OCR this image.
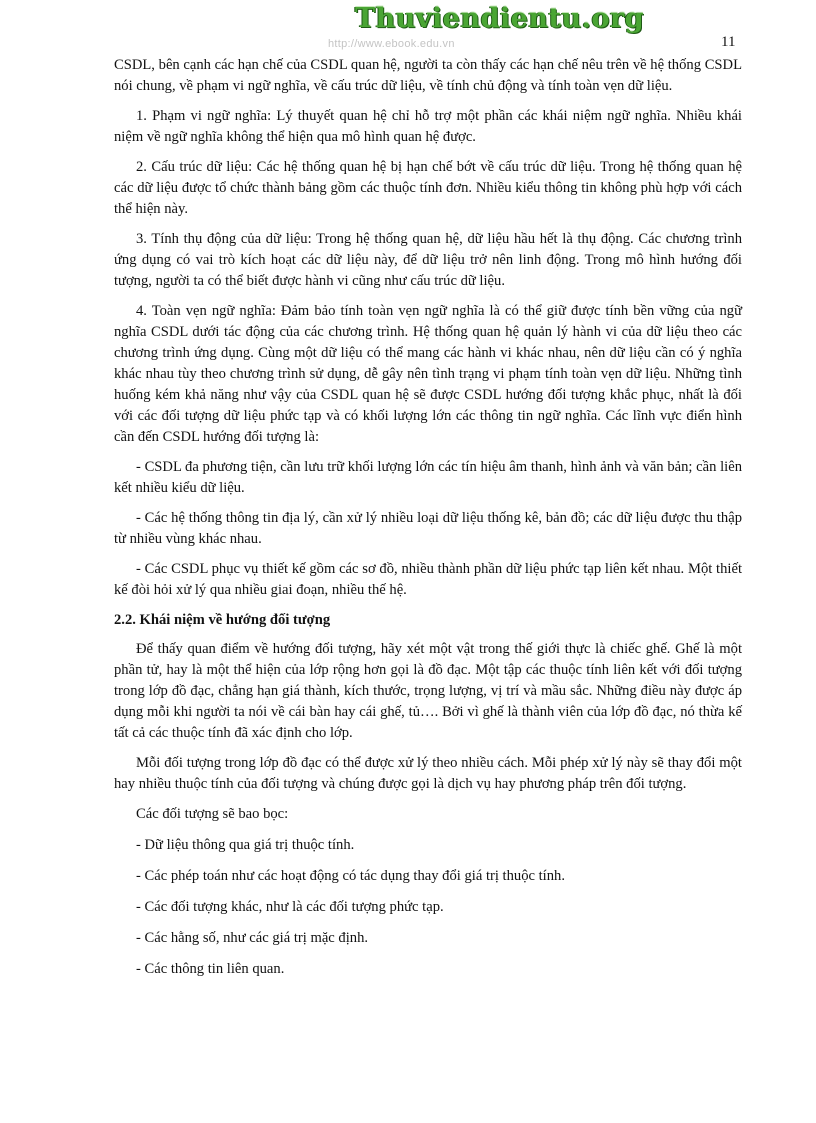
Thuviendientu.org
http://www.ebook.edu.vn	11

CSDL, bên cạnh các hạn chế của CSDL quan hệ, người ta còn thấy các hạn chế nêu trên về hệ thống CSDL nói chung, về phạm vi ngữ nghĩa, về cấu trúc dữ liệu, về tính chủ động và tính toàn vẹn dữ liệu.

1. Phạm vi ngữ nghĩa: Lý thuyết quan hệ chỉ hỗ trợ một phần các khái niệm ngữ nghĩa. Nhiều khái niệm về ngữ nghĩa không thể hiện qua mô hình quan hệ được.

2. Cấu trúc dữ liệu: Các hệ thống quan hệ bị hạn chế bớt về cấu trúc dữ liệu. Trong hệ thống quan hệ các dữ liệu được tổ chức thành bảng gồm các thuộc tính đơn. Nhiều kiểu thông tin không phù hợp với cách thể hiện này.

3. Tính thụ động của dữ liệu: Trong hệ thống quan hệ, dữ liệu hầu hết là thụ động. Các chương trình ứng dụng có vai trò kích hoạt các dữ liệu này, để dữ liệu trở nên linh động. Trong mô hình hướng đối tượng, người ta có thể biết được hành vi cũng như cấu trúc dữ liệu.

4. Toàn vẹn ngữ nghĩa: Đảm bảo tính toàn vẹn ngữ nghĩa là có thể giữ được tính bền vững của ngữ nghĩa CSDL dưới tác động của các chương trình. Hệ thống quan hệ quản lý hành vi của dữ liệu theo các chương trình ứng dụng. Cùng một dữ liệu có thể mang các hành vi khác nhau, nên dữ liệu cần có ý nghĩa khác nhau tùy theo chương trình sử dụng, dễ gây nên tình trạng vi phạm tính toàn vẹn dữ liệu. Những tình huống kém khả năng như vậy của CSDL quan hệ sẽ được CSDL hướng đối tượng khắc phục, nhất là đối với các đối tượng dữ liệu phức tạp và có khối lượng lớn các thông tin ngữ nghĩa. Các lĩnh vực điển hình cần đến CSDL hướng đối tượng là:

- CSDL đa phương tiện, cần lưu trữ khối lượng lớn các tín hiệu âm thanh, hình ảnh và văn bản; cần liên kết nhiều kiểu dữ liệu.

- Các hệ thống thông tin địa lý, cần xử lý nhiều loại dữ liệu thống kê, bản đồ; các dữ liệu được thu thập từ nhiều vùng khác nhau.

- Các CSDL phục vụ thiết kế gồm các sơ đồ, nhiều thành phần dữ liệu phức tạp liên kết nhau. Một thiết kế đòi hỏi xử lý qua nhiều giai đoạn, nhiều thế hệ.

2.2. Khái niệm về hướng đối tượng

Để thấy quan điểm về hướng đối tượng, hãy xét một vật trong thế giới thực là chiếc ghế. Ghế là một phần tử, hay là một thể hiện của lớp rộng hơn gọi là đồ đạc. Một tập các thuộc tính liên kết với đối tượng trong lớp đồ đạc, chẳng hạn giá thành, kích thước, trọng lượng, vị trí và mầu sắc. Những điều này được áp dụng mỗi khi người ta nói về cái bàn hay cái ghế, tủ…. Bởi vì ghế là thành viên của lớp đồ đạc, nó thừa kế tất cả các thuộc tính đã xác định cho lớp.

Mỗi đối tượng trong lớp đồ đạc có thể được xử lý theo nhiều cách. Mỗi phép xử lý này sẽ thay đổi một hay nhiều thuộc tính của đối tượng và chúng được gọi là dịch vụ hay phương pháp trên đối tượng.

Các đối tượng sẽ bao bọc:

- Dữ liệu thông qua giá trị thuộc tính.

- Các phép toán như các hoạt động có tác dụng thay đổi giá trị thuộc tính.

- Các đối tượng khác, như là các đối tượng phức tạp.

- Các hằng số, như các giá trị mặc định.

- Các thông tin liên quan.
